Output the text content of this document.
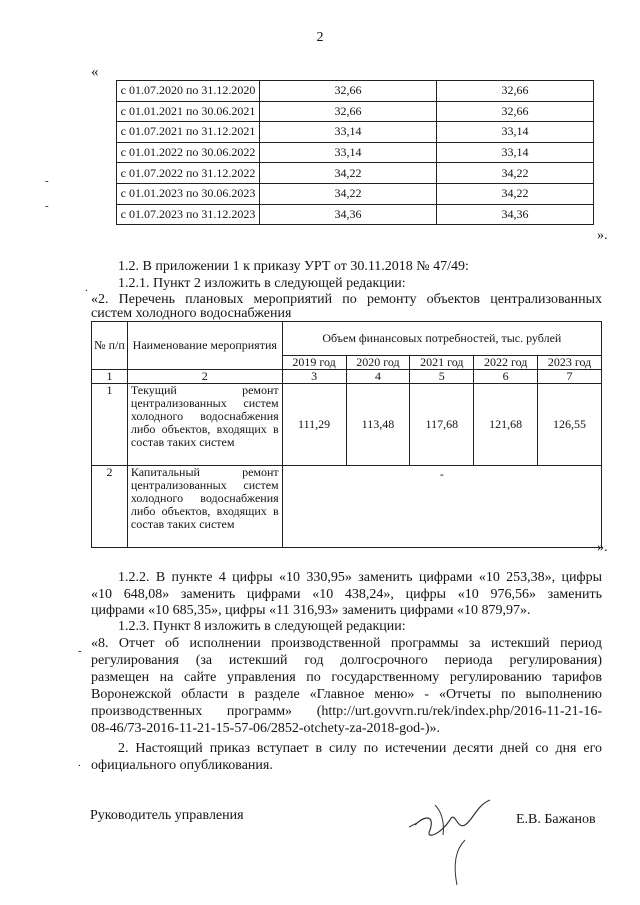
2
«
с 01.07.2020 по 31.12.2020	32,66	32,66
с 01.01.2021 по 30.06.2021	32,66	32,66
с 01.07.2021 по 31.12.2021	33,14	33,14
с 01.01.2022 по 30.06.2022	33,14	33,14
с 01.07.2022 по 31.12.2022	34,22	34,22
с 01.01.2023 по 30.06.2023	34,22	34,22
с 01.07.2023 по 31.12.2023	34,36	34,36
».
1.2. В приложении 1 к приказу УРТ от 30.11.2018 № 47/49:
1.2.1. Пункт 2 изложить в следующей редакции:
«2. Перечень плановых мероприятий по ремонту объектов централизованных
систем холодного водоснабжения
№ п/п	Наименование мероприятия	Объем финансовых потребностей, тыс. рублей				
		2019 год	2020 год	2021 год	2022 год	2023 год
1	2	3	4	5	6	7
1	Текущий ремонт централизованных систем холодного водоснабжения либо объектов, входящих в состав таких систем	111,29	113,48	117,68	121,68	126,55
2	Капитальный ремонт централизованных систем холодного водоснабжения либо объектов, входящих в состав таких систем	-				
».
1.2.2. В пункте 4 цифры «10 330,95» заменить цифрами «10 253,38», цифры
«10 648,08» заменить цифрами «10 438,24», цифры «10 976,56» заменить
цифрами «10 685,35», цифры «11 316,93» заменить цифрами «10 879,97».
1.2.3. Пункт 8 изложить в следующей редакции:
«8. Отчет об исполнении производственной программы за истекший период
регулирования (за истекший год долгосрочного периода регулирования)
размещен на сайте управления по государственному регулированию тарифов
Воронежской области в разделе «Главное меню» - «Отчеты по выполнению
производственных программ» (http://urt.govvrn.ru/rek/index.php/2016-11-21-16-
08-46/73-2016-11-21-15-57-06/2852-otchety-za-2018-god-)».
2. Настоящий приказ вступает в силу по истечении десяти дней со дня его
официального опубликования.
Руководитель управления	Е.В. Бажанов
-
-
.
-
.
